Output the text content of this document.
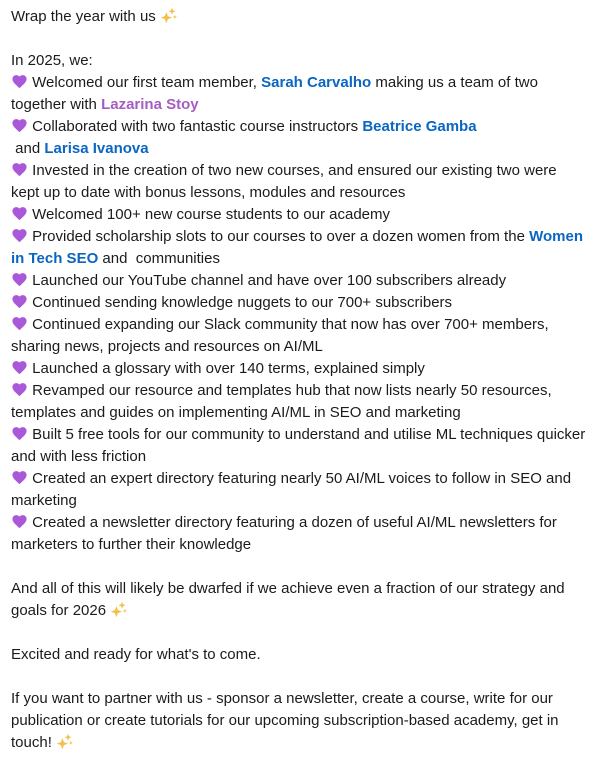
Wrap the year with us

In 2025, we:

Welcomed our first team member, Sarah Carvalho making us a team of two together with Lazarina Stoy

Collaborated with two fantastic course instructors Beatrice Gamba
and Larisa Ivanova

Invested in the creation of two new courses, and ensured our existing two were kept up to date with bonus lessons, modules and resources

Welcomed 100+ new course students to our academy

Provided scholarship slots to our courses to over a dozen women from the Women in Tech SEO and  communities

Launched our YouTube channel and have over 100 subscribers already

Continued sending knowledge nuggets to our 700+ subscribers

Continued expanding our Slack community that now has over 700+ members, sharing news, projects and resources on AI/ML

Launched a glossary with over 140 terms, explained simply

Revamped our resource and templates hub that now lists nearly 50 resources, templates and guides on implementing AI/ML in SEO and marketing

Built 5 free tools for our community to understand and utilise ML techniques quicker and with less friction

Created an expert directory featuring nearly 50 AI/ML voices to follow in SEO and marketing

Created a newsletter directory featuring a dozen of useful AI/ML newsletters for marketers to further their knowledge

And all of this will likely be dwarfed if we achieve even a fraction of our strategy and goals for 2026

Excited and ready for what's to come.

If you want to partner with us - sponsor a newsletter, create a course, write for our publication or create tutorials for our upcoming subscription-based academy, get in touch!
